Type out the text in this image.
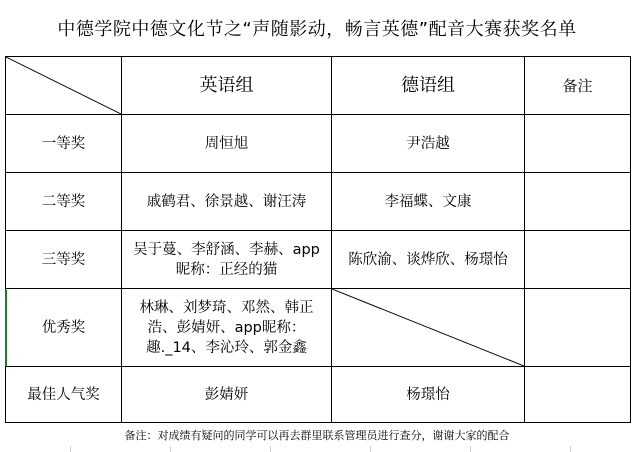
中德学院中德文化节之“声随影动，畅言英德”配音大赛获奖名单
	英语组	德语组	备注
一等奖	周恒旭	尹浩越	
二等奖	戚鹤君、徐景越、谢汪涛	李福蝶、文康	
三等奖	吴于蔓、李舒涵、李赫、app昵称：正经的猫	陈欣渝、谈烨欣、杨璟怡	
优秀奖	林琳、刘梦琦、邓然、韩正浩、彭婧妍、app昵称：趣._14、李沁玲、郭金鑫	

最佳人气奖	彭婧妍	杨璟怡	
备注：对成绩有疑问的同学可以再去群里联系管理员进行查分，谢谢大家的配合
